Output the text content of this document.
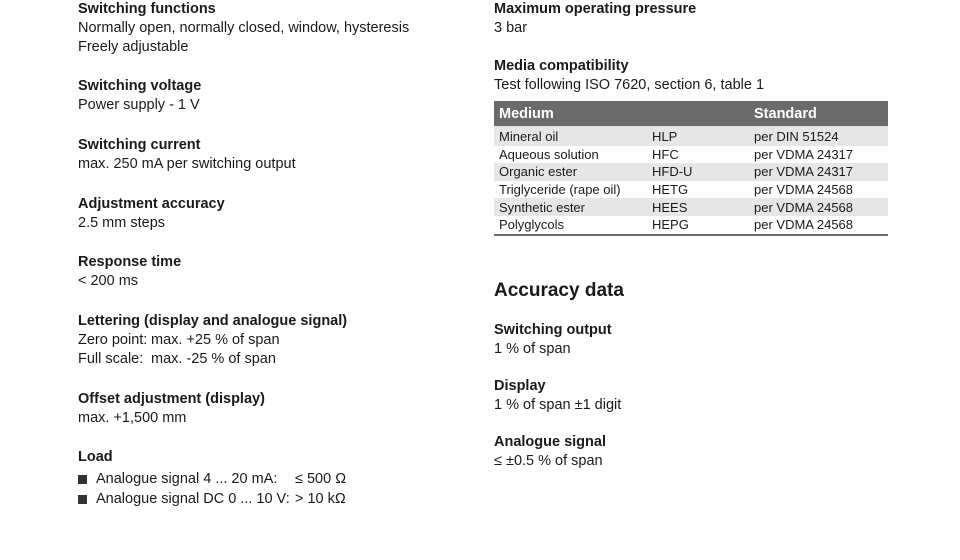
Switching functions
Normally open, normally closed, window, hysteresis
Freely adjustable
Switching voltage
Power supply - 1 V
Switching current
max. 250 mA per switching output
Adjustment accuracy
2.5 mm steps
Response time
< 200 ms
Lettering (display and analogue signal)
Zero point: max. +25 % of span
Full scale: max. -25 % of span
Offset adjustment (display)
max. +1,500 mm
Load
Analogue signal 4 ... 20 mA:	≤ 500 Ω
Analogue signal DC 0 ... 10 V: > 10 kΩ
Maximum operating pressure
3 bar
Media compatibility
Test following ISO 7620, section 6, table 1
Medium		Standard
Mineral oil	HLP	per DIN 51524
Aqueous solution	HFC	per VDMA 24317
Organic ester	HFD-U	per VDMA 24317
Triglyceride (rape oil)	HETG	per VDMA 24568
Synthetic ester	HEES	per VDMA 24568
Polyglycols	HEPG	per VDMA 24568
Accuracy data
Switching output
1 % of span
Display
1 % of span ±1 digit
Analogue signal
≤ ±0.5 % of span
